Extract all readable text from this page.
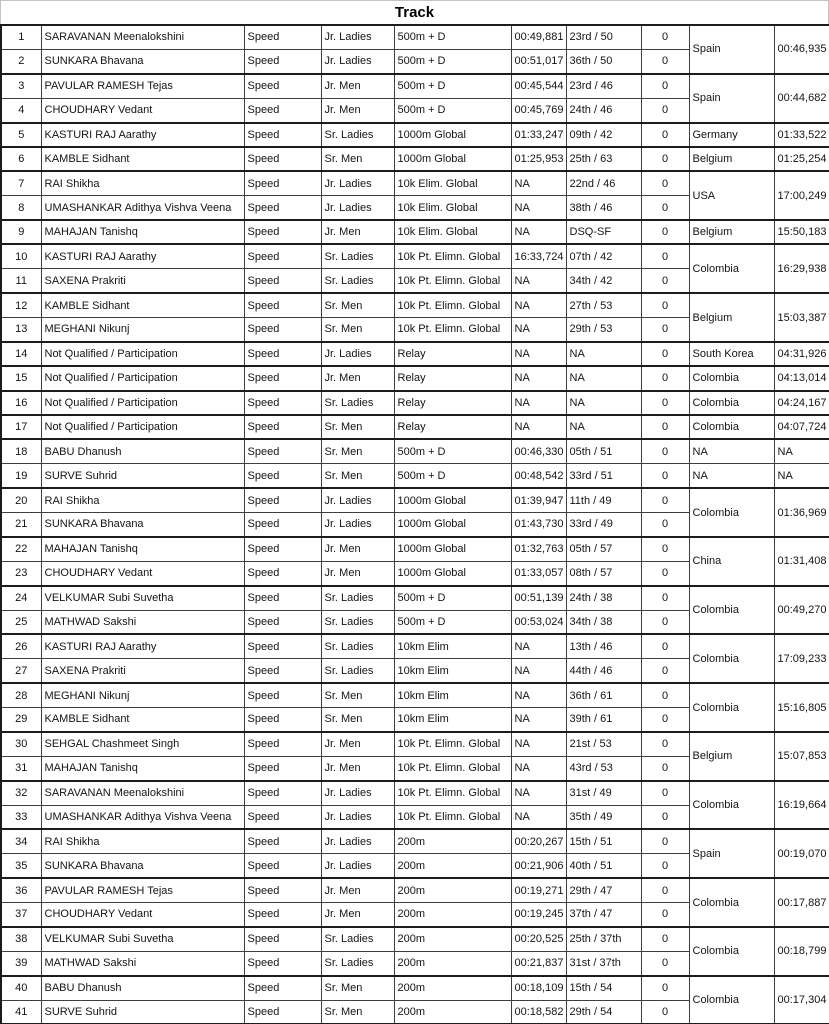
Track
1	SARAVANAN Meenalokshini	Speed	Jr. Ladies	500m + D	00:49,881	23rd / 50	0	Spain	00:46,935
2	SUNKARA Bhavana	Speed	Jr. Ladies	500m + D	00:51,017	36th / 50	0		
3	PAVULAR RAMESH Tejas	Speed	Jr. Men	500m + D	00:45,544	23rd / 46	0	Spain	00:44,682
4	CHOUDHARY Vedant	Speed	Jr. Men	500m + D	00:45,769	24th / 46	0		
5	KASTURI RAJ Aarathy	Speed	Sr. Ladies	1000m Global	01:33,247	09th / 42	0	Germany	01:33,522
6	KAMBLE Sidhant	Speed	Sr. Men	1000m Global	01:25,953	25th / 63	0	Belgium	01:25,254
7	RAI Shikha	Speed	Jr. Ladies	10k Elim. Global	NA	22nd / 46	0	USA	17:00,249
8	UMASHANKAR Adithya Vishva Veena	Speed	Jr. Ladies	10k Elim. Global	NA	38th / 46	0		
9	MAHAJAN Tanishq	Speed	Jr. Men	10k Elim. Global	NA	DSQ-SF	0	Belgium	15:50,183
10	KASTURI RAJ Aarathy	Speed	Sr. Ladies	10k Pt. Elimn. Global	16:33,724	07th / 42	0	Colombia	16:29,938
11	SAXENA Prakriti	Speed	Sr. Ladies	10k Pt. Elimn. Global	NA	34th / 42	0		
12	KAMBLE Sidhant	Speed	Sr. Men	10k Pt. Elimn. Global	NA	27th / 53	0	Belgium	15:03,387
13	MEGHANI Nikunj	Speed	Sr. Men	10k Pt. Elimn. Global	NA	29th / 53	0		
14	Not Qualified / Participation	Speed	Jr. Ladies	Relay	NA	NA	0	South Korea	04:31,926
15	Not Qualified / Participation	Speed	Jr. Men	Relay	NA	NA	0	Colombia	04:13,014
16	Not Qualified / Participation	Speed	Sr. Ladies	Relay	NA	NA	0	Colombia	04:24,167
17	Not Qualified / Participation	Speed	Sr. Men	Relay	NA	NA	0	Colombia	04:07,724
18	BABU Dhanush	Speed	Sr. Men	500m + D	00:46,330	05th / 51	0	NA	NA
19	SURVE Suhrid	Speed	Sr. Men	500m + D	00:48,542	33rd / 51	0	NA	NA
20	RAI Shikha	Speed	Jr. Ladies	1000m Global	01:39,947	11th / 49	0	Colombia	01:36,969
21	SUNKARA Bhavana	Speed	Jr. Ladies	1000m Global	01:43,730	33rd / 49	0		
22	MAHAJAN Tanishq	Speed	Jr. Men	1000m Global	01:32,763	05th / 57	0	China	01:31,408
23	CHOUDHARY Vedant	Speed	Jr. Men	1000m Global	01:33,057	08th / 57	0		
24	VELKUMAR Subi Suvetha	Speed	Sr. Ladies	500m + D	00:51,139	24th / 38	0	Colombia	00:49,270
25	MATHWAD Sakshi	Speed	Sr. Ladies	500m + D	00:53,024	34th / 38	0		
26	KASTURI RAJ Aarathy	Speed	Sr. Ladies	10km Elim	NA	13th / 46	0	Colombia	17:09,233
27	SAXENA Prakriti	Speed	Sr. Ladies	10km Elim	NA	44th / 46	0		
28	MEGHANI Nikunj	Speed	Sr. Men	10km Elim	NA	36th / 61	0	Colombia	15:16,805
29	KAMBLE Sidhant	Speed	Sr. Men	10km Elim	NA	39th / 61	0		
30	SEHGAL Chashmeet Singh	Speed	Jr. Men	10k Pt. Elimn. Global	NA	21st / 53	0	Belgium	15:07,853
31	MAHAJAN Tanishq	Speed	Jr. Men	10k Pt. Elimn. Global	NA	43rd / 53	0		
32	SARAVANAN Meenalokshini	Speed	Jr. Ladies	10k Pt. Elimn. Global	NA	31st / 49	0	Colombia	16:19,664
33	UMASHANKAR Adithya Vishva Veena	Speed	Jr. Ladies	10k Pt. Elimn. Global	NA	35th / 49	0		
34	RAI Shikha	Speed	Jr. Ladies	200m	00:20,267	15th / 51	0	Spain	00:19,070
35	SUNKARA Bhavana	Speed	Jr. Ladies	200m	00:21,906	40th / 51	0		
36	PAVULAR RAMESH Tejas	Speed	Jr. Men	200m	00:19,271	29th / 47	0	Colombia	00:17,887
37	CHOUDHARY Vedant	Speed	Jr. Men	200m	00:19,245	37th / 47	0		
38	VELKUMAR Subi Suvetha	Speed	Sr. Ladies	200m	00:20,525	25th / 37th	0	Colombia	00:18,799
39	MATHWAD Sakshi	Speed	Sr. Ladies	200m	00:21,837	31st / 37th	0		
40	BABU Dhanush	Speed	Sr. Men	200m	00:18,109	15th / 54	0	Colombia	00:17,304
41	SURVE Suhrid	Speed	Sr. Men	200m	00:18,582	29th / 54	0		
